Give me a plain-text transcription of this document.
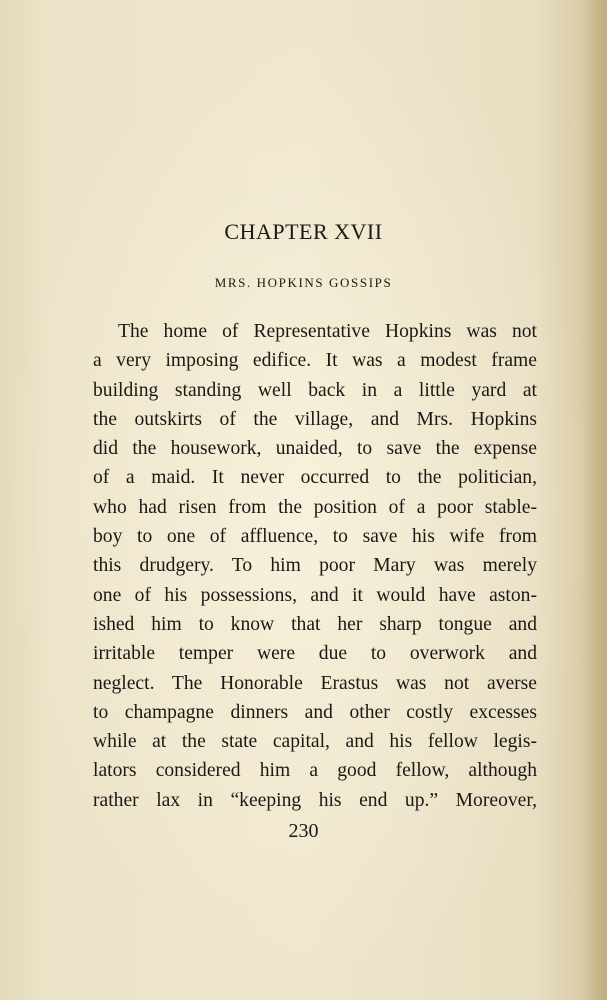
CHAPTER XVII
MRS. HOPKINS GOSSIPS
The home of Representative Hopkins was not
a very imposing edifice. It was a modest frame
building standing well back in a little yard at
the outskirts of the village, and Mrs. Hopkins
did the housework, unaided, to save the expense
of a maid. It never occurred to the politician,
who had risen from the position of a poor stable-
boy to one of affluence, to save his wife from
this drudgery. To him poor Mary was merely
one of his possessions, and it would have aston-
ished him to know that her sharp tongue and
irritable temper were due to overwork and
neglect. The Honorable Erastus was not averse
to champagne dinners and other costly excesses
while at the state capital, and his fellow legis-
lators considered him a good fellow, although
rather lax in “keeping his end up.” Moreover,
230
